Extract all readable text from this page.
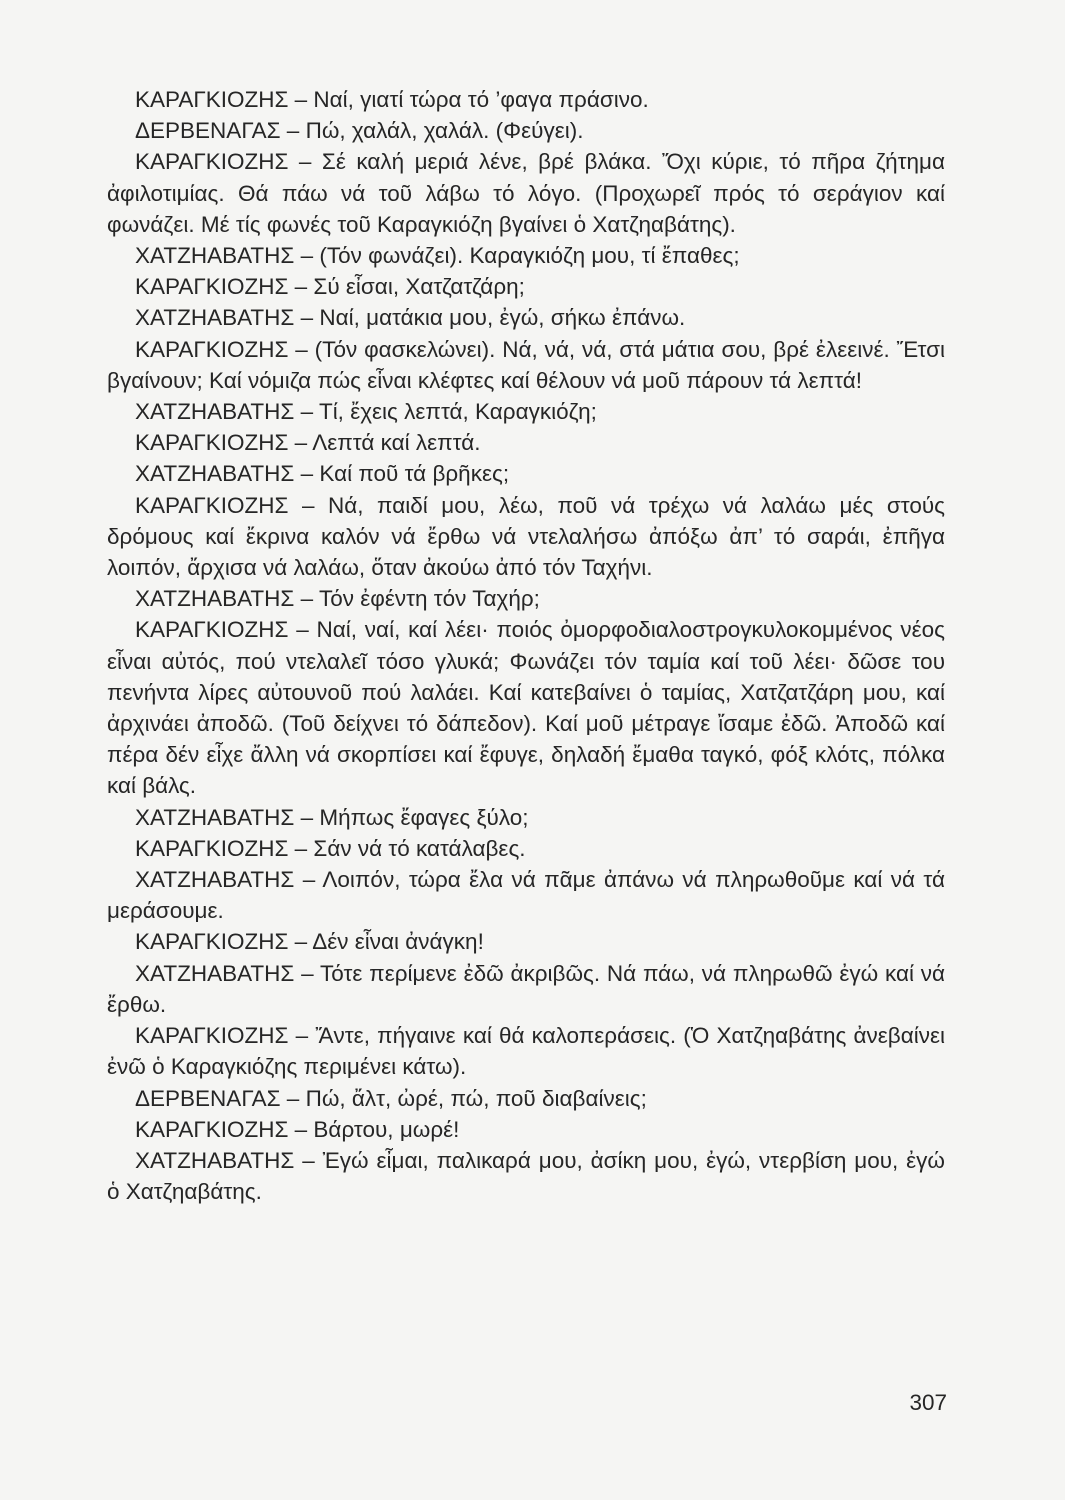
ΚΑΡΑΓΚΙΟΖΗΣ – Ναί, γιατί τώρα τό ’φαγα πράσινο.

ΔΕΡΒΕΝΑΓΑΣ – Πώ, χαλάλ, χαλάλ. (Φεύγει).

ΚΑΡΑΓΚΙΟΖΗΣ – Σέ καλή μεριά λένε, βρέ βλάκα. Ὄχι κύριε, τό πῆρα ζήτημα ἀφιλοτιμίας. Θά πάω νά τοῦ λάβω τό λόγο. (Προχωρεῖ πρός τό σεράγιον καί φωνάζει. Μέ τίς φωνές τοῦ Καραγκιόζη βγαίνει ὁ Χατζηαβάτης).

ΧΑΤΖΗΑΒΑΤΗΣ – (Τόν φωνάζει). Καραγκιόζη μου, τί ἔπαθες;

ΚΑΡΑΓΚΙΟΖΗΣ – Σύ εἶσαι, Χατζατζάρη;

ΧΑΤΖΗΑΒΑΤΗΣ – Ναί, ματάκια μου, ἐγώ, σήκω ἐπάνω.

ΚΑΡΑΓΚΙΟΖΗΣ – (Τόν φασκελώνει). Νά, νά, νά, στά μάτια σου, βρέ ἐλεεινέ. Ἔτσι βγαίνουν; Καί νόμιζα πώς εἶναι κλέφτες καί θέλουν νά μοῦ πάρουν τά λεπτά!

ΧΑΤΖΗΑΒΑΤΗΣ – Τί, ἔχεις λεπτά, Καραγκιόζη;

ΚΑΡΑΓΚΙΟΖΗΣ – Λεπτά καί λεπτά.

ΧΑΤΖΗΑΒΑΤΗΣ – Καί ποῦ τά βρῆκες;

ΚΑΡΑΓΚΙΟΖΗΣ – Νά, παιδί μου, λέω, ποῦ νά τρέχω νά λαλάω μές στούς δρόμους καί ἔκρινα καλόν νά ἔρθω νά ντελαλήσω ἀπόξω ἀπ’ τό σαράι, ἐπῆγα λοιπόν, ἄρχισα νά λαλάω, ὅταν ἀκούω ἀπό τόν Ταχήνι.

ΧΑΤΖΗΑΒΑΤΗΣ – Τόν ἐφέντη τόν Ταχήρ;

ΚΑΡΑΓΚΙΟΖΗΣ – Ναί, ναί, καί λέει· ποιός ὀμορφοδιαλοστρογκυλοκομμένος νέος εἶναι αὐτός, πού ντελαλεῖ τόσο γλυκά; Φωνάζει τόν ταμία καί τοῦ λέει· δῶσε του πενήντα λίρες αὐτουνοῦ πού λαλάει. Καί κατεβαίνει ὁ ταμίας, Χατζατζάρη μου, καί ἀρχινάει ἀποδῶ. (Τοῦ δείχνει τό δάπεδον). Καί μοῦ μέτραγε ἴσαμε ἐδῶ. Ἀποδῶ καί πέρα δέν εἶχε ἄλλη νά σκορπίσει καί ἔφυγε, δηλαδή ἔμαθα ταγκό, φόξ κλότς, πόλκα καί βάλς.

ΧΑΤΖΗΑΒΑΤΗΣ – Μήπως ἔφαγες ξύλο;

ΚΑΡΑΓΚΙΟΖΗΣ – Σάν νά τό κατάλαβες.

ΧΑΤΖΗΑΒΑΤΗΣ – Λοιπόν, τώρα ἔλα νά πᾶμε ἀπάνω νά πληρωθοῦμε καί νά τά μεράσουμε.

ΚΑΡΑΓΚΙΟΖΗΣ – Δέν εἶναι ἀνάγκη!

ΧΑΤΖΗΑΒΑΤΗΣ – Τότε περίμενε ἐδῶ ἀκριβῶς. Νά πάω, νά πληρωθῶ ἐγώ καί νά ἔρθω.

ΚΑΡΑΓΚΙΟΖΗΣ – Ἄντε, πήγαινε καί θά καλοπεράσεις. (Ὁ Χατζηαβάτης ἀνεβαίνει ἐνῶ ὁ Καραγκιόζης περιμένει κάτω).

ΔΕΡΒΕΝΑΓΑΣ – Πώ, ἄλτ, ὠρέ, πώ, ποῦ διαβαίνεις;

ΚΑΡΑΓΚΙΟΖΗΣ – Βάρτου, μωρέ!

ΧΑΤΖΗΑΒΑΤΗΣ – Ἐγώ εἶμαι, παλικαρά μου, ἀσίκη μου, ἐγώ, ντερβίση μου, ἐγώ ὁ Χατζηαβάτης.

307
